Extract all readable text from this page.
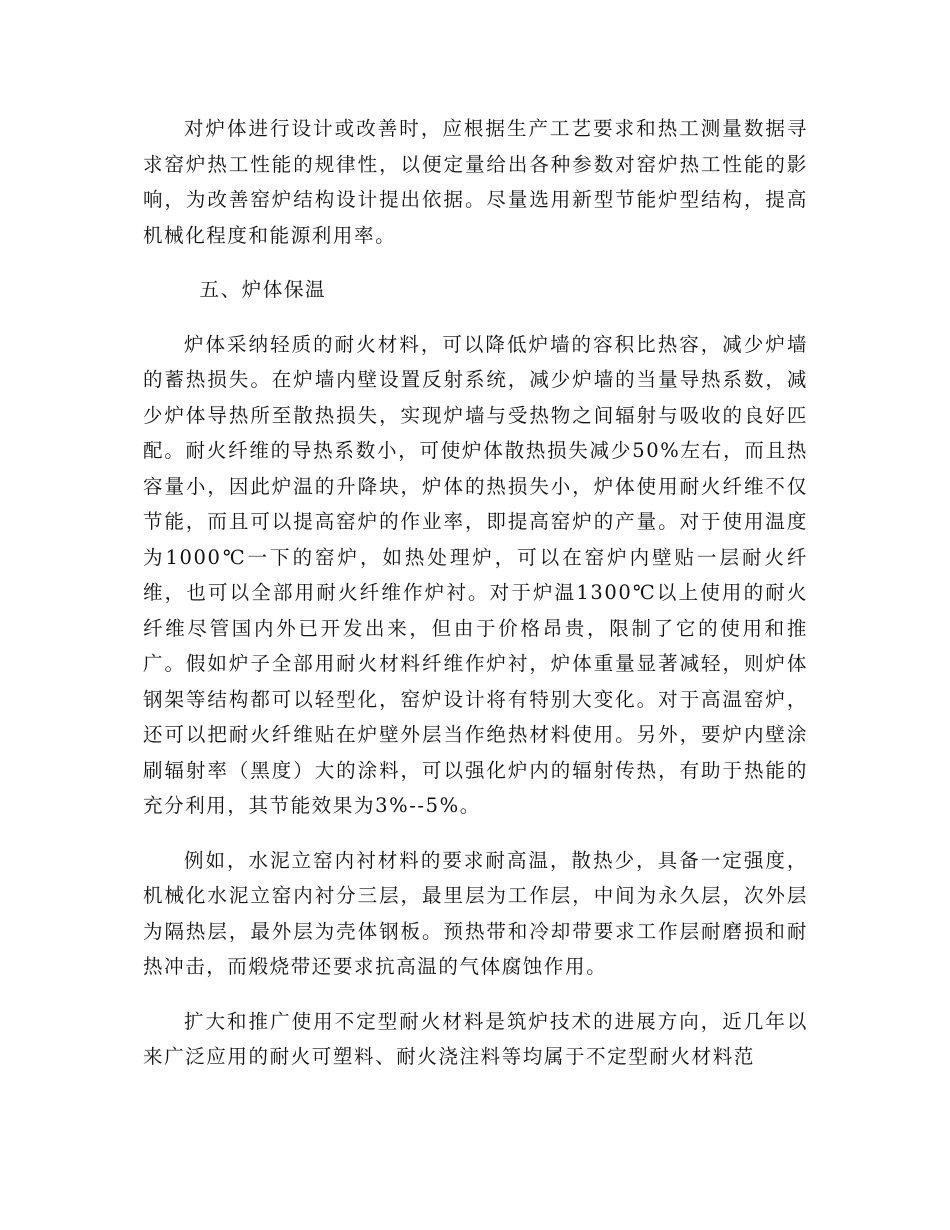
对炉体进行设计或改善时，应根据生产工艺要求和热工测量数据寻求窑炉热工性能的规律性，以便定量给出各种参数对窑炉热工性能的影响，为改善窑炉结构设计提出依据。尽量选用新型节能炉型结构，提高机械化程度和能源利用率。

五、炉体保温

炉体采纳轻质的耐火材料，可以降低炉墙的容积比热容，减少炉墙的蓄热损失。在炉墙内壁设置反射系统，减少炉墙的当量导热系数，减少炉体导热所至散热损失，实现炉墙与受热物之间辐射与吸收的良好匹配。耐火纤维的导热系数小，可使炉体散热损失减少50%左右，而且热容量小，因此炉温的升降块，炉体的热损失小，炉体使用耐火纤维不仅节能，而且可以提高窑炉的作业率，即提高窑炉的产量。对于使用温度为1000℃一下的窑炉，如热处理炉，可以在窑炉内壁贴一层耐火纤维，也可以全部用耐火纤维作炉衬。对于炉温1300℃以上使用的耐火纤维尽管国内外已开发出来，但由于价格昂贵，限制了它的使用和推广。假如炉子全部用耐火材料纤维作炉衬，炉体重量显著减轻，则炉体钢架等结构都可以轻型化，窑炉设计将有特别大变化。对于高温窑炉，还可以把耐火纤维贴在炉壁外层当作绝热材料使用。另外，要炉内壁涂刷辐射率（黑度）大的涂料，可以强化炉内的辐射传热，有助于热能的充分利用，其节能效果为3%--5%。

例如，水泥立窑内衬材料的要求耐高温，散热少，具备一定强度，机械化水泥立窑内衬分三层，最里层为工作层，中间为永久层，次外层为隔热层，最外层为壳体钢板。预热带和冷却带要求工作层耐磨损和耐热冲击，而煅烧带还要求抗高温的气体腐蚀作用。

扩大和推广使用不定型耐火材料是筑炉技术的进展方向，近几年以来广泛应用的耐火可塑料、耐火浇注料等均属于不定型耐火材料范
